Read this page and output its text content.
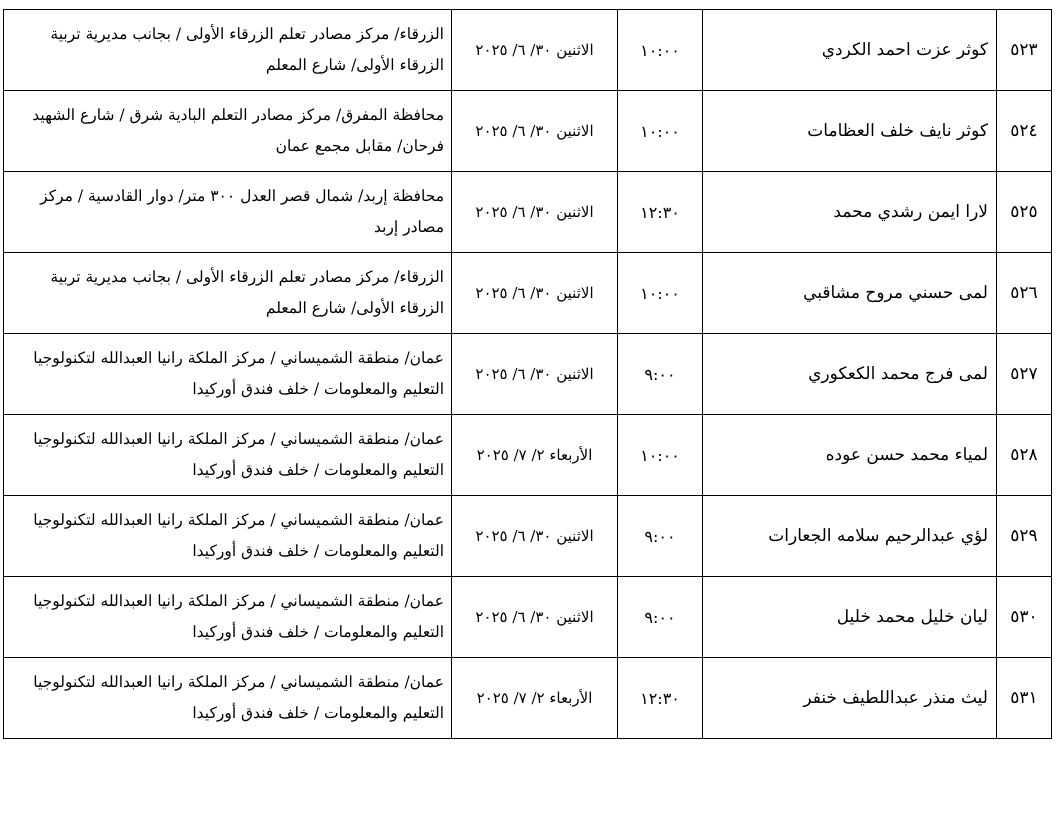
٥٢٣	كوثر عزت احمد الكردي	١٠:٠٠	الاثنين ٣٠/ ٦/ ٢٠٢٥	الزرقاء/ مركز مصادر تعلم الزرقاء الأولى / بجانب مديرية تربية الزرقاء الأولى/ شارع المعلم
٥٢٤	كوثر نايف خلف العظامات	١٠:٠٠	الاثنين ٣٠/ ٦/ ٢٠٢٥	محافظة المفرق/ مركز مصادر التعلم البادية شرق / شارع الشهيد فرحان/ مقابل مجمع عمان
٥٢٥	لارا ايمن رشدي محمد	١٢:٣٠	الاثنين ٣٠/ ٦/ ٢٠٢٥	محافظة إربد/ شمال قصر العدل ٣٠٠ متر/ دوار القادسية / مركز مصادر إربد
٥٢٦	لمى حسني مروح مشاقبي	١٠:٠٠	الاثنين ٣٠/ ٦/ ٢٠٢٥	الزرقاء/ مركز مصادر تعلم الزرقاء الأولى / بجانب مديرية تربية الزرقاء الأولى/ شارع المعلم
٥٢٧	لمى فرج محمد الكعكوري	٩:٠٠	الاثنين ٣٠/ ٦/ ٢٠٢٥	عمان/ منطقة الشميساني / مركز الملكة رانيا العبدالله لتكنولوجيا التعليم والمعلومات / خلف فندق أوركيدا
٥٢٨	لمياء محمد حسن عوده	١٠:٠٠	الأربعاء ٢/ ٧/ ٢٠٢٥	عمان/ منطقة الشميساني / مركز الملكة رانيا العبدالله لتكنولوجيا التعليم والمعلومات / خلف فندق أوركيدا
٥٢٩	لؤي عبدالرحيم سلامه الجعارات	٩:٠٠	الاثنين ٣٠/ ٦/ ٢٠٢٥	عمان/ منطقة الشميساني / مركز الملكة رانيا العبدالله لتكنولوجيا التعليم والمعلومات / خلف فندق أوركيدا
٥٣٠	ليان خليل محمد خليل	٩:٠٠	الاثنين ٣٠/ ٦/ ٢٠٢٥	عمان/ منطقة الشميساني / مركز الملكة رانيا العبدالله لتكنولوجيا التعليم والمعلومات / خلف فندق أوركيدا
٥٣١	ليث منذر عبداللطيف خنفر	١٢:٣٠	الأربعاء ٢/ ٧/ ٢٠٢٥	عمان/ منطقة الشميساني / مركز الملكة رانيا العبدالله لتكنولوجيا التعليم والمعلومات / خلف فندق أوركيدا
